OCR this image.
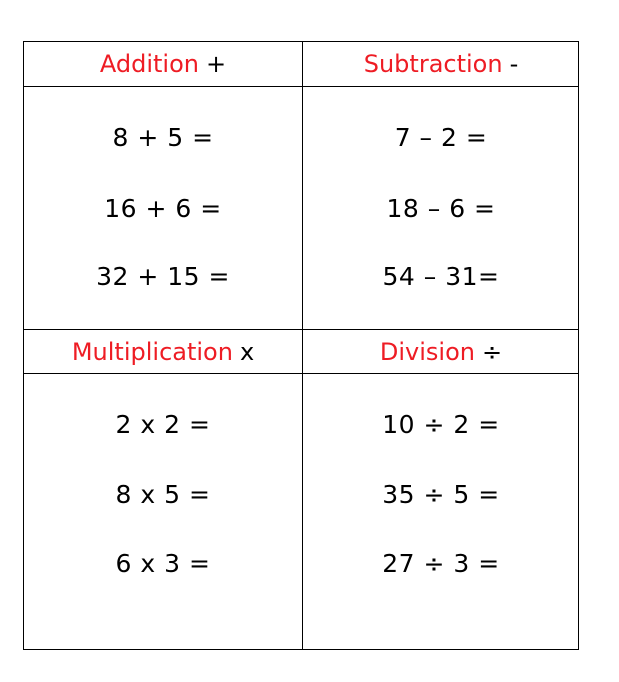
Addition +	Subtraction -
8 + 5 =
16 + 6 =
32 + 15 =
7 – 2 =
18 – 6 =
54 – 31=
Multiplication x	Division ÷
2 x 2 =
8 x 5 =
6 x 3 =
10 ÷ 2 =
35 ÷ 5 =
27 ÷ 3 =
